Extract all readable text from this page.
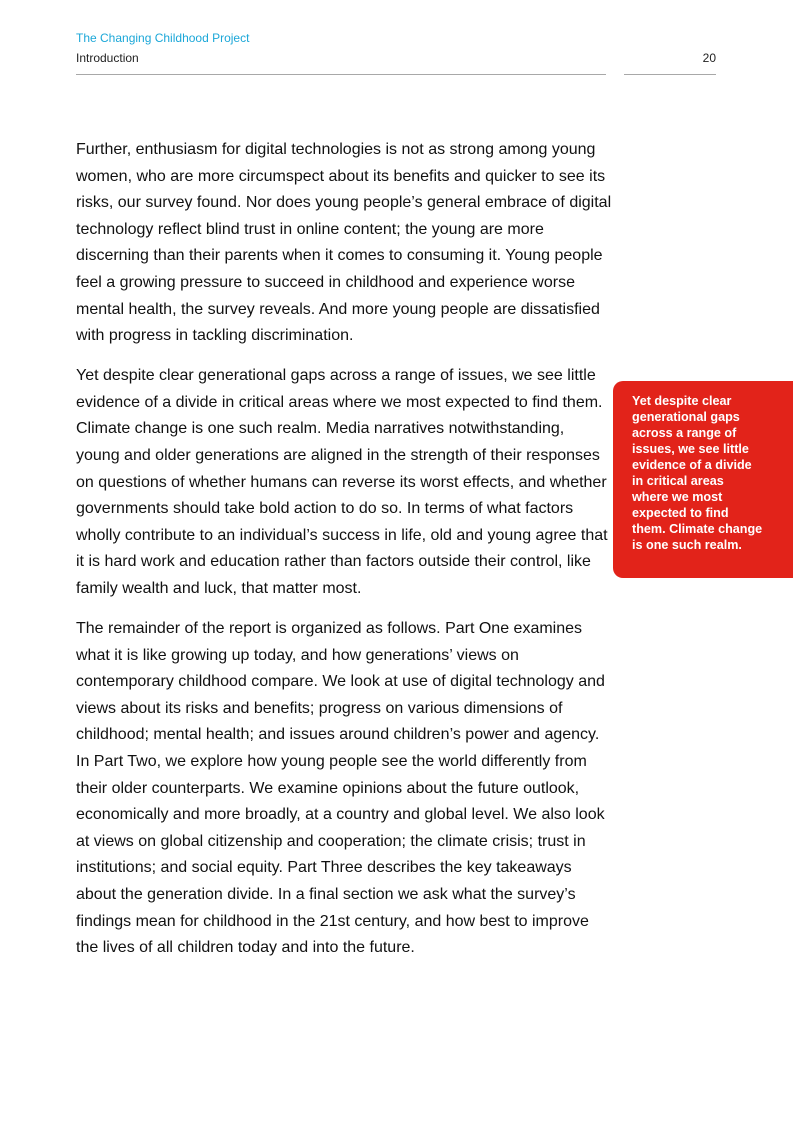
The Changing Childhood Project
Introduction	20

Further, enthusiasm for digital technologies is not as strong among young women, who are more circumspect about its benefits and quicker to see its risks, our survey found. Nor does young people’s general embrace of digital technology reflect blind trust in online content; the young are more discerning than their parents when it comes to consuming it. Young people feel a growing pressure to succeed in childhood and experience worse mental health, the survey reveals. And more young people are dissatisfied with progress in tackling discrimination.

Yet despite clear generational gaps across a range of issues, we see little evidence of a divide in critical areas where we most expected to find them. Climate change is one such realm. Media narratives notwithstanding, young and older generations are aligned in the strength of their responses on questions of whether humans can reverse its worst effects, and whether governments should take bold action to do so. In terms of what factors wholly contribute to an individual’s success in life, old and young agree that it is hard work and education rather than factors outside their control, like family wealth and luck, that matter most.

The remainder of the report is organized as follows. Part One examines what it is like growing up today, and how generations’ views on contemporary childhood compare. We look at use of digital technology and views about its risks and benefits; progress on various dimensions of childhood; mental health; and issues around children’s power and agency. In Part Two, we explore how young people see the world differently from their older counterparts. We examine opinions about the future outlook, economically and more broadly, at a country and global level. We also look at views on global citizenship and cooperation; the climate crisis; trust in institutions; and social equity. Part Three describes the key takeaways about the generation divide. In a final section we ask what the survey’s findings mean for childhood in the 21st century, and how best to improve the lives of all children today and into the future.

Yet despite clear generational gaps across a range of issues, we see little evidence of a divide in critical areas where we most expected to find them. Climate change is one such realm.
